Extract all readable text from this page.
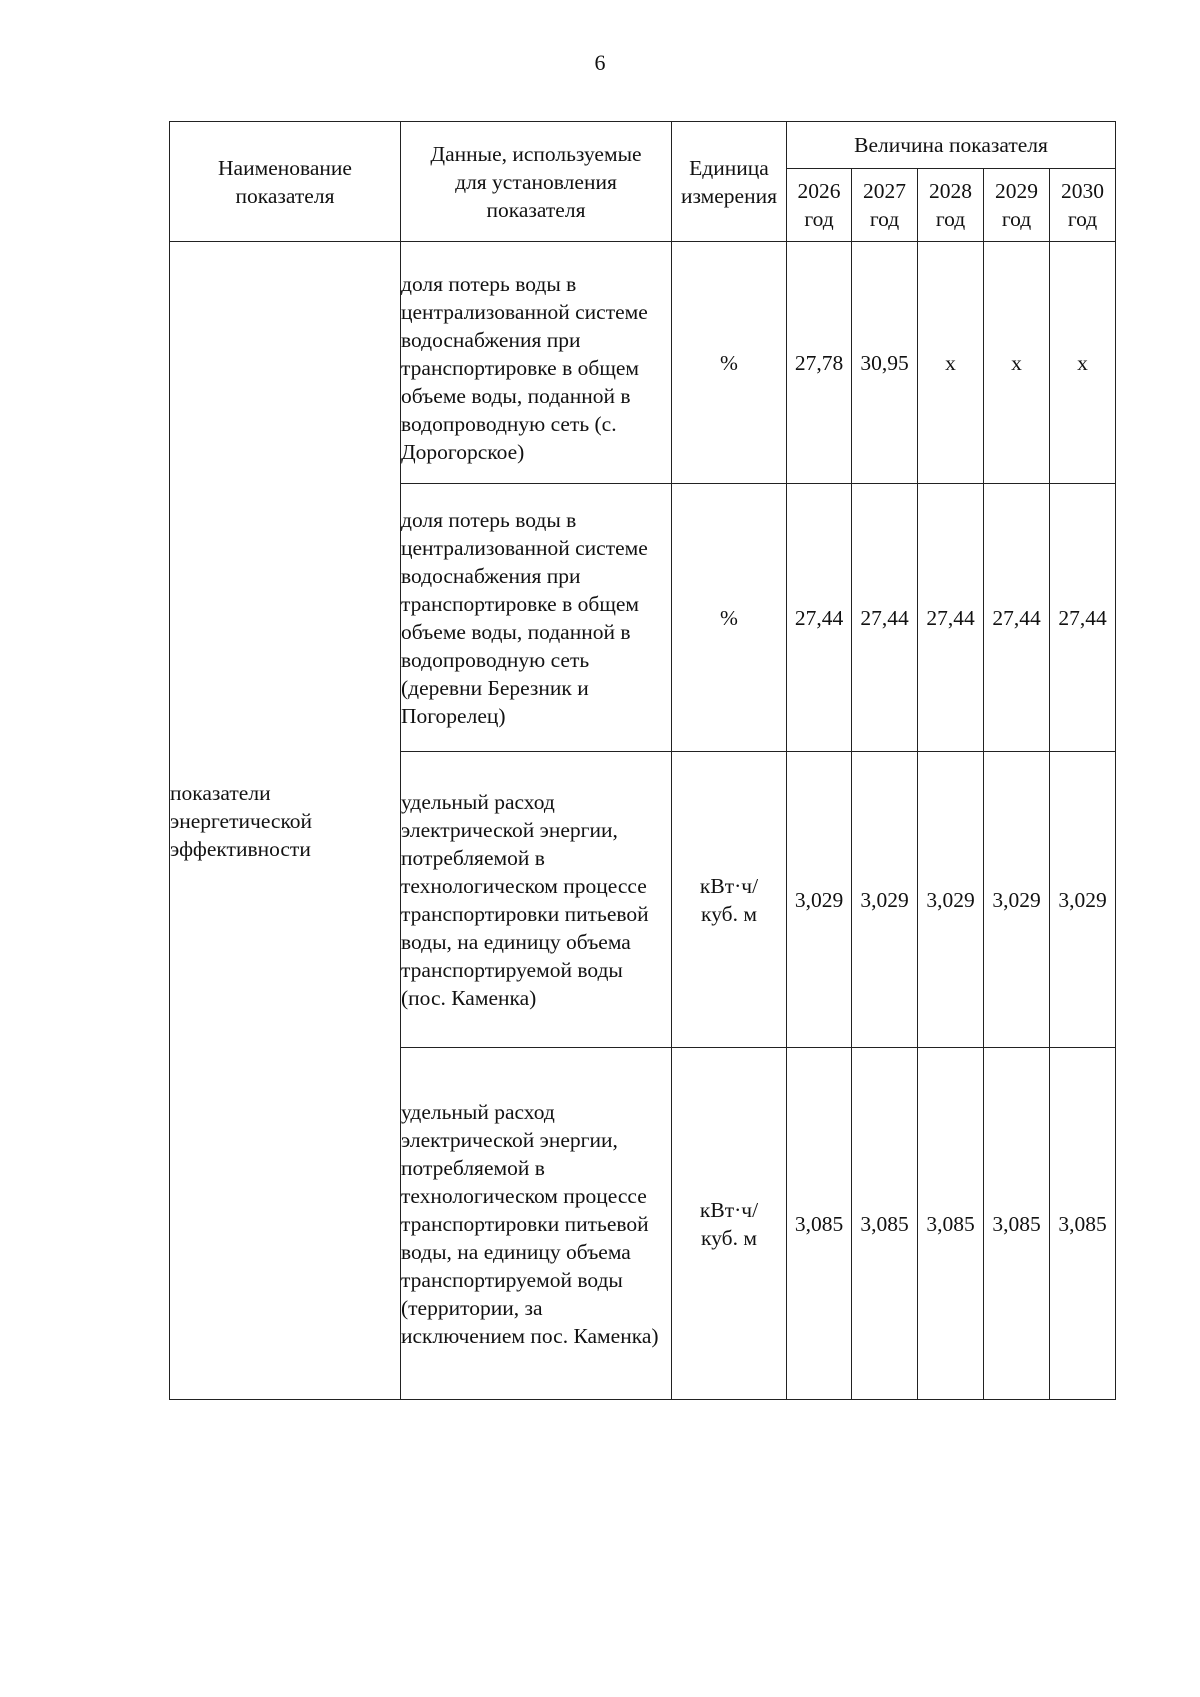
6
Наименование показателя	Данные, используемые для установления показателя	Единица измерения	Величина показателя				
			2026 год	2027 год	2028 год	2029 год	2030 год
показатели энергетической эффективности	доля потерь воды в централизованной системе водоснабжения при транспортировке в общем объеме воды, поданной в водопроводную сеть (с. Дорогорское)	%	27,78	30,95	х	х	х
	доля потерь воды в централизованной системе водоснабжения при транспортировке в общем объеме воды, поданной в водопроводную сеть (деревни Березник и Погорелец)	%	27,44	27,44	27,44	27,44	27,44
	удельный расход электрической энергии, потребляемой в технологическом процессе транспортировки питьевой воды, на единицу объема транспортируемой воды (пос. Каменка)	кВт·ч/ куб. м	3,029	3,029	3,029	3,029	3,029
	удельный расход электрической энергии, потребляемой в технологическом процессе транспортировки питьевой воды, на единицу объема транспортируемой воды (территории, за исключением пос. Каменка)	кВт·ч/ куб. м	3,085	3,085	3,085	3,085	3,085
